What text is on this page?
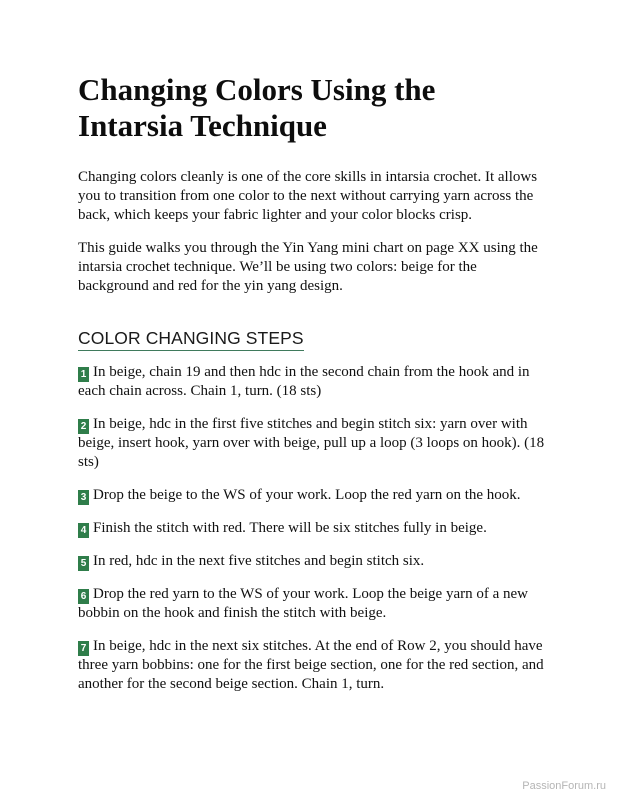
Changing Colors Using the Intarsia Technique

Changing colors cleanly is one of the core skills in intarsia crochet. It allows you to transition from one color to the next without carrying yarn across the back, which keeps your fabric lighter and your color blocks crisp.

This guide walks you through the Yin Yang mini chart on page XX using the intarsia crochet technique. We’ll be using two colors: beige for the background and red for the yin yang design.

COLOR CHANGING STEPS
1 In beige, chain 19 and then hdc in the second chain from the hook and in each chain across. Chain 1, turn. (18 sts)
2 In beige, hdc in the first five stitches and begin stitch six: yarn over with beige, insert hook, yarn over with beige, pull up a loop (3 loops on hook). (18 sts)
3 Drop the beige to the WS of your work. Loop the red yarn on the hook.
4 Finish the stitch with red. There will be six stitches fully in beige.
5 In red, hdc in the next five stitches and begin stitch six.
6 Drop the red yarn to the WS of your work. Loop the beige yarn of a new bobbin on the hook and finish the stitch with beige.
7 In beige, hdc in the next six stitches. At the end of Row 2, you should have three yarn bobbins: one for the first beige section, one for the red section, and another for the second beige section. Chain 1, turn.
PassionForum.ru
